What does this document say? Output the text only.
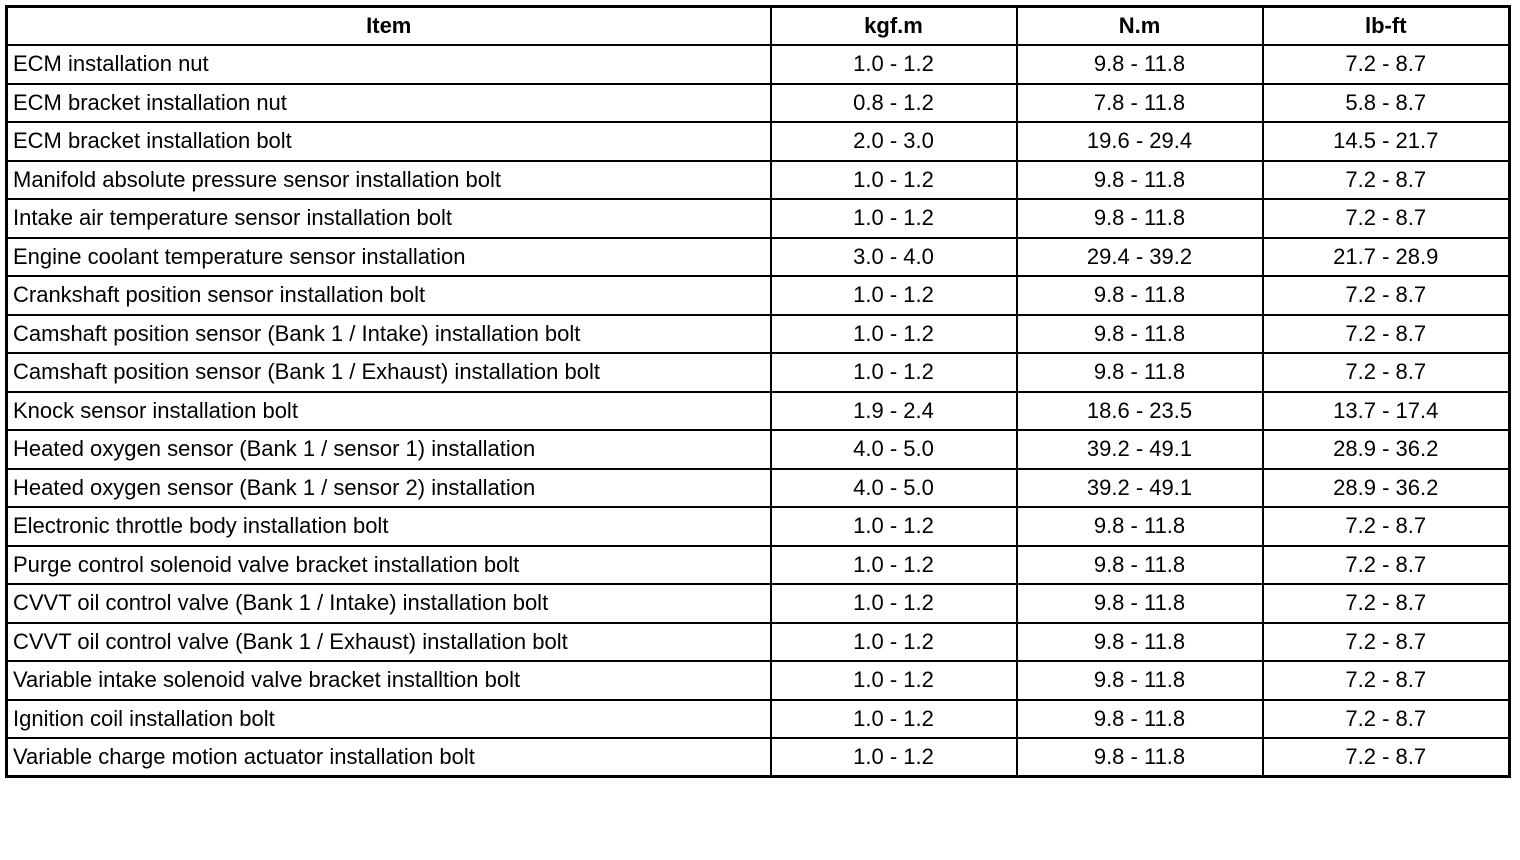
Item	kgf.m	N.m	lb-ft
ECM installation nut	1.0 - 1.2	9.8 - 11.8	7.2 - 8.7
ECM bracket installation nut	0.8 - 1.2	7.8 - 11.8	5.8 - 8.7
ECM bracket installation bolt	2.0 - 3.0	19.6 - 29.4	14.5 - 21.7
Manifold absolute pressure sensor installation bolt	1.0 - 1.2	9.8 - 11.8	7.2 - 8.7
Intake air temperature sensor installation bolt	1.0 - 1.2	9.8 - 11.8	7.2 - 8.7
Engine coolant temperature sensor installation	3.0 - 4.0	29.4 - 39.2	21.7 - 28.9
Crankshaft position sensor installation bolt	1.0 - 1.2	9.8 - 11.8	7.2 - 8.7
Camshaft position sensor (Bank 1 / Intake) installation bolt	1.0 - 1.2	9.8 - 11.8	7.2 - 8.7
Camshaft position sensor (Bank 1 / Exhaust) installation bolt	1.0 - 1.2	9.8 - 11.8	7.2 - 8.7
Knock sensor installation bolt	1.9 - 2.4	18.6 - 23.5	13.7 - 17.4
Heated oxygen sensor (Bank 1 / sensor 1) installation	4.0 - 5.0	39.2 - 49.1	28.9 - 36.2
Heated oxygen sensor (Bank 1 / sensor 2) installation	4.0 - 5.0	39.2 - 49.1	28.9 - 36.2
Electronic throttle body installation bolt	1.0 - 1.2	9.8 - 11.8	7.2 - 8.7
Purge control solenoid valve bracket installation bolt	1.0 - 1.2	9.8 - 11.8	7.2 - 8.7
CVVT oil control valve (Bank 1 / Intake) installation bolt	1.0 - 1.2	9.8 - 11.8	7.2 - 8.7
CVVT oil control valve (Bank 1 / Exhaust) installation bolt	1.0 - 1.2	9.8 - 11.8	7.2 - 8.7
Variable intake solenoid valve bracket installtion bolt	1.0 - 1.2	9.8 - 11.8	7.2 - 8.7
Ignition coil installation bolt	1.0 - 1.2	9.8 - 11.8	7.2 - 8.7
Variable charge motion actuator installation bolt	1.0 - 1.2	9.8 - 11.8	7.2 - 8.7
